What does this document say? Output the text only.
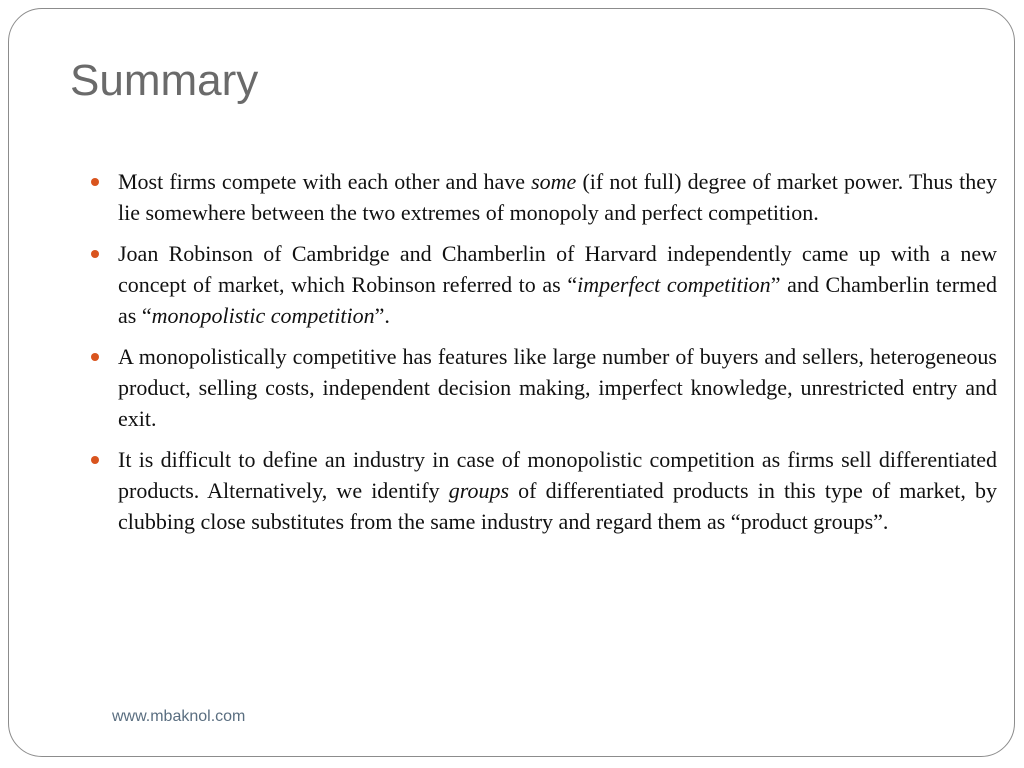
Summary
Most firms compete with each other and have some (if not full) degree of market power. Thus they lie somewhere between the two extremes of monopoly and perfect competition.
Joan Robinson of Cambridge and Chamberlin of Harvard independently came up with a new concept of market, which Robinson referred to as “imperfect competition” and Chamberlin termed as “monopolistic competition”.
A monopolistically competitive has features like large number of buyers and sellers, heterogeneous product, selling costs, independent decision making, imperfect knowledge, unrestricted entry and exit.
It is difficult to define an industry in case of monopolistic competition as firms sell differentiated products. Alternatively, we identify groups of differentiated products in this type of market, by clubbing close substitutes from the same industry and regard them as “product groups”.
www.mbaknol.com
